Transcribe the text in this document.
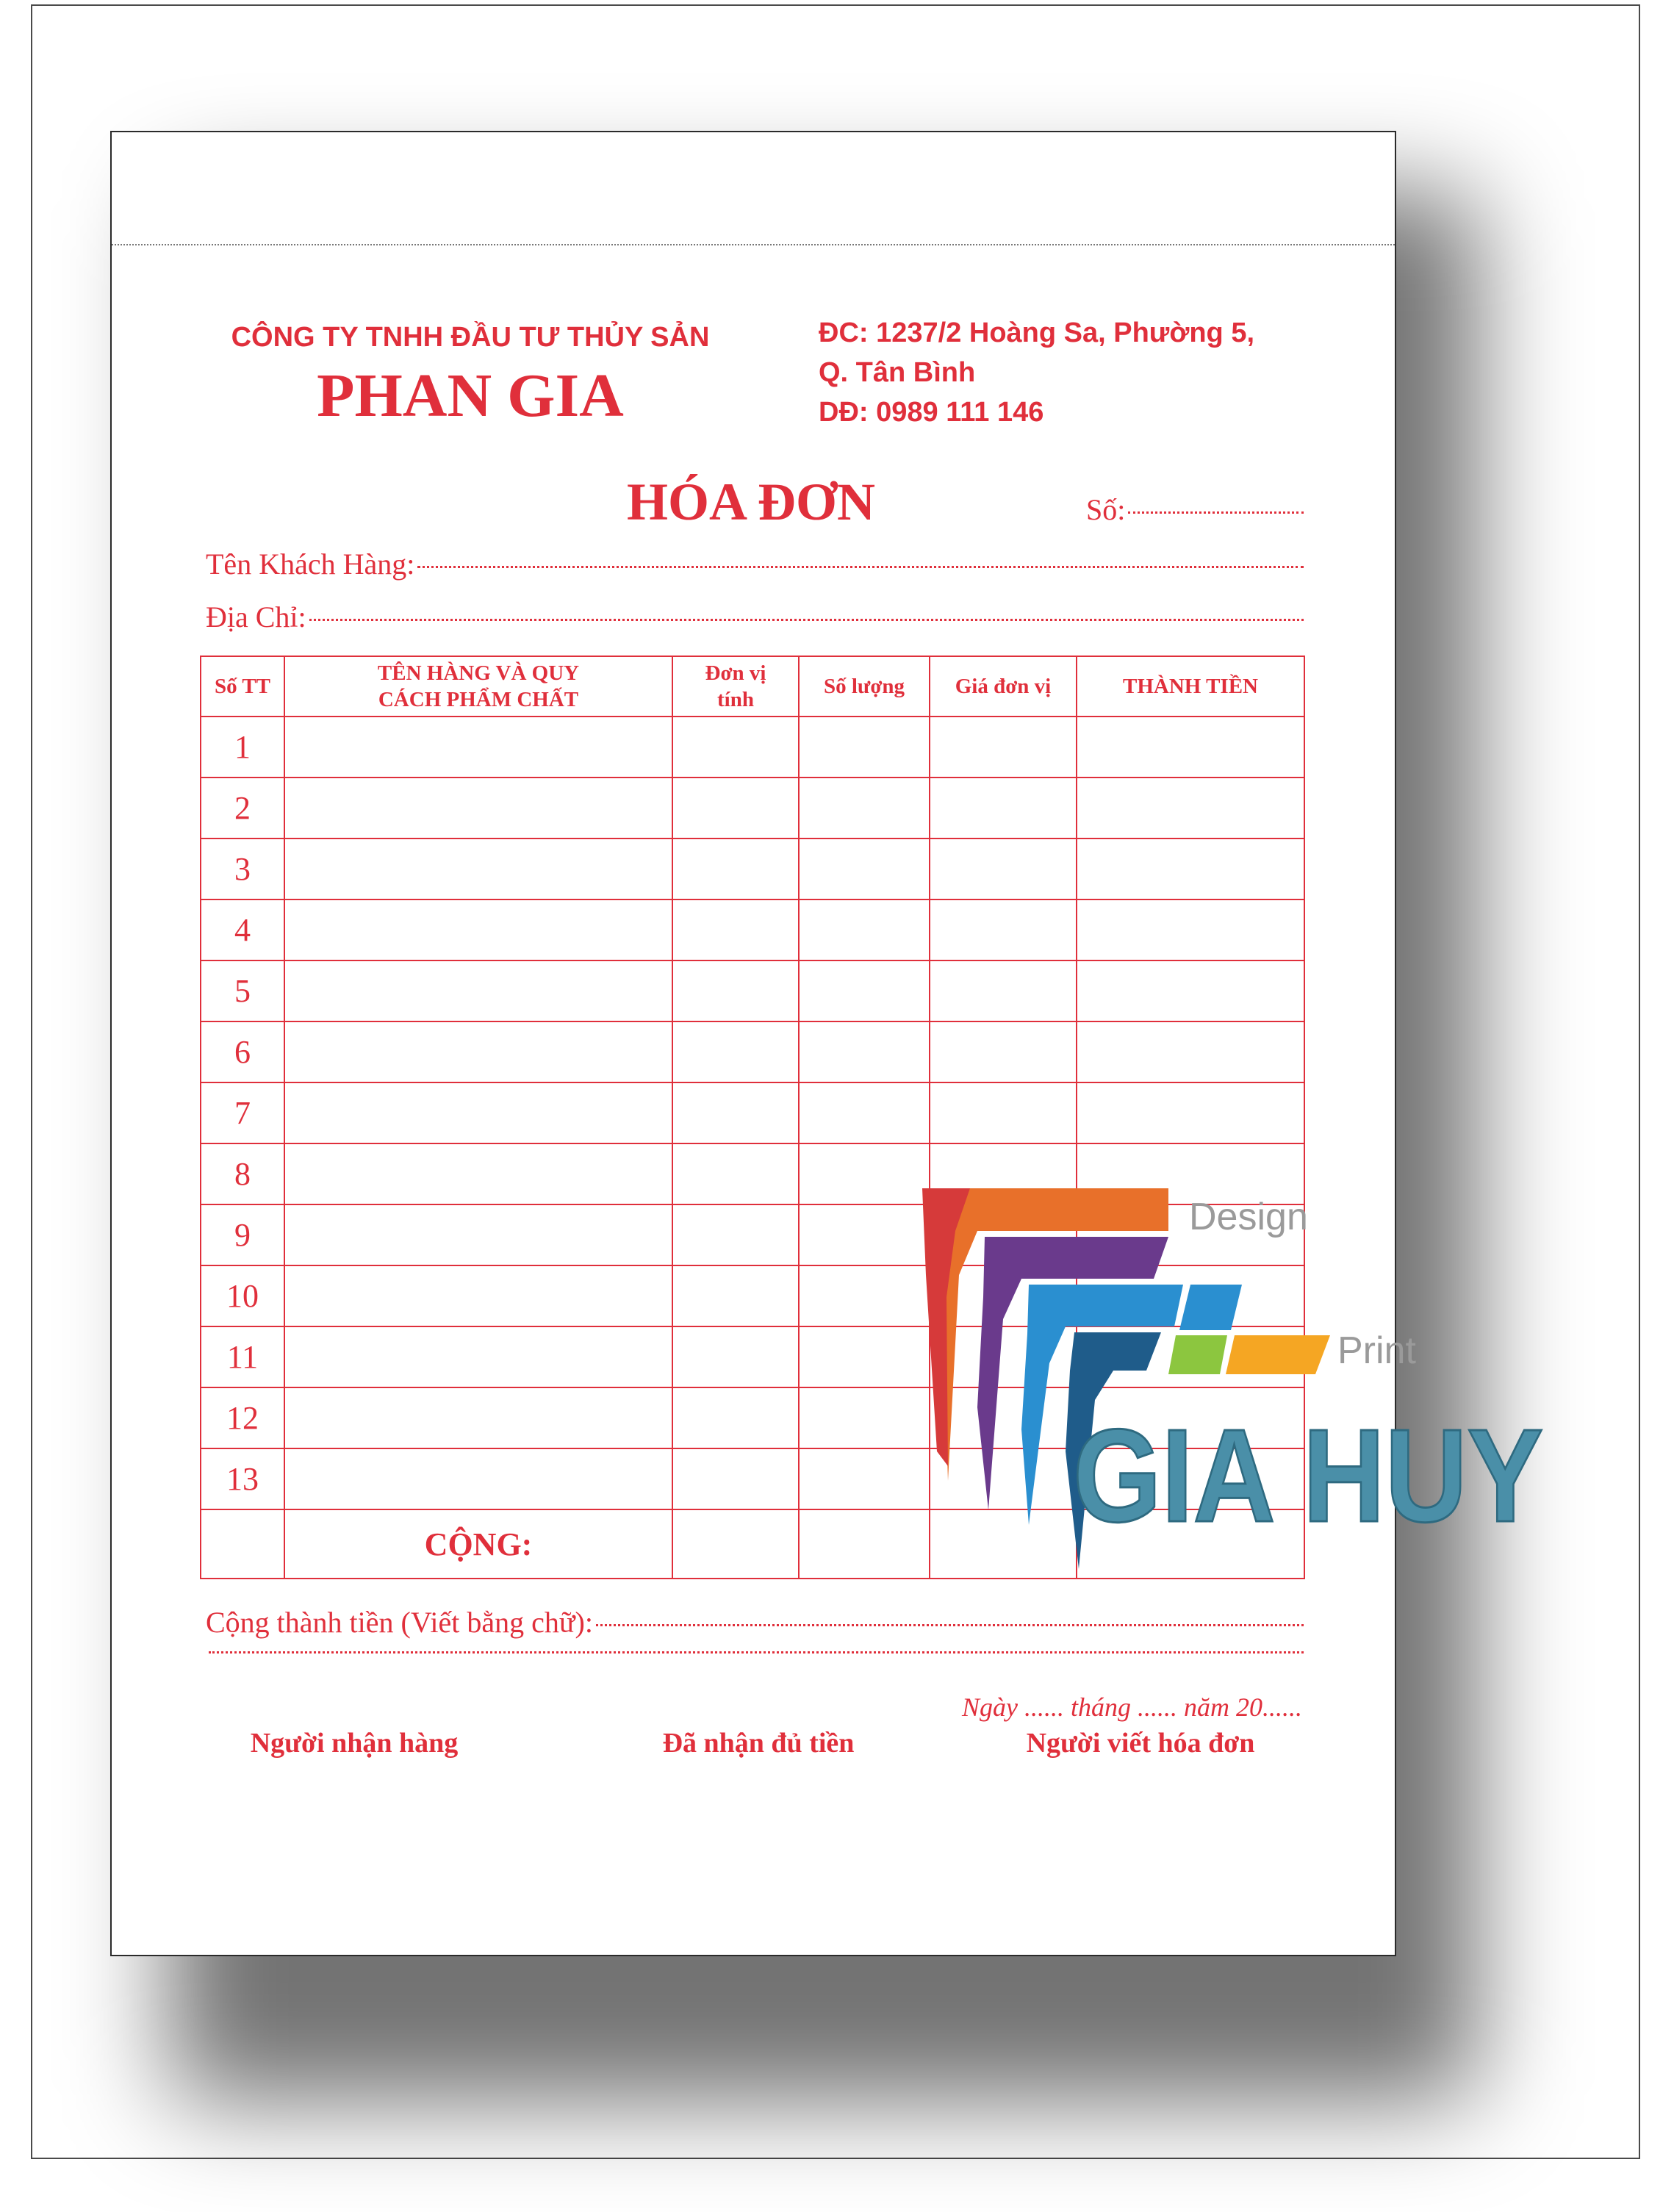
CÔNG TY TNHH ĐẦU TƯ THỦY SẢN
PHAN GIA
ĐC: 1237/2 Hoàng Sa, Phường 5,
Q. Tân Bình
DĐ: 0989 111 146
HÓA ĐƠN	Số:
Tên Khách Hàng:
Địa Chỉ:
Số TT	TÊN HÀNG VÀ QUY CÁCH PHẨM CHẤT	Đơn vị tính	Số lượng	Giá đơn vị	THÀNH TIỀN
1					
2					
3					
4					
5					
6					
7					
8					
9					
10					
11					
12					
13					
	CỘNG:				
Cộng thành tiền (Viết bằng chữ):
Ngày ...... tháng ...... năm 20......
Người nhận hàng	Đã nhận đủ tiền	Người viết hóa đơn
Design
Print
GIA HUY
